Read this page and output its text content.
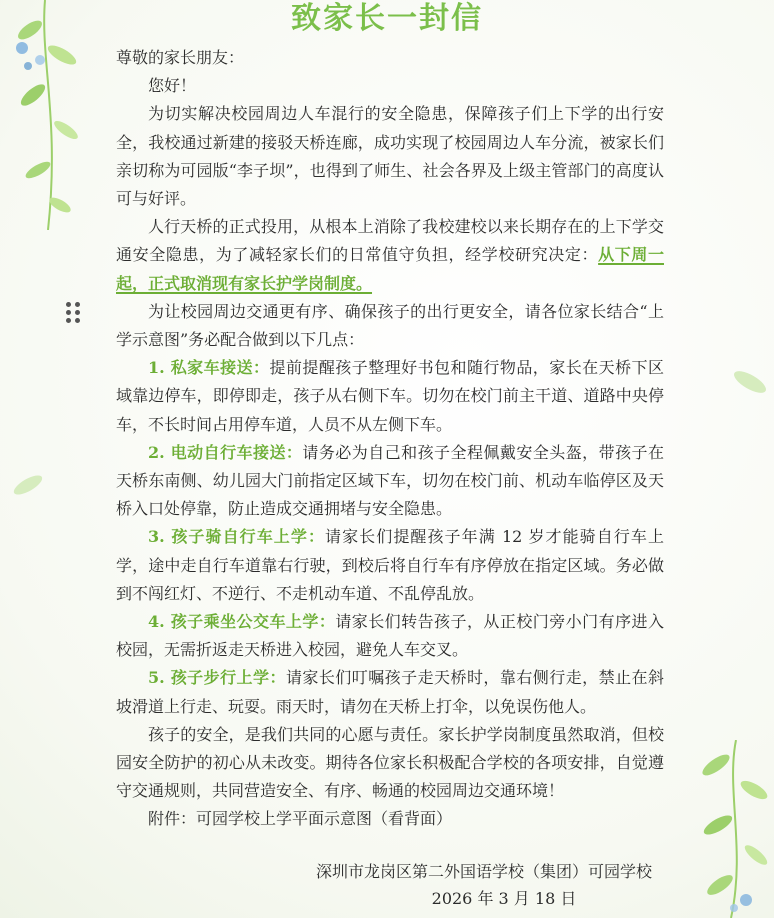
致家长一封信

尊敬的家长朋友：

您好！

为切实解决校园周边人车混行的安全隐患，保障孩子们上下学的出行安全，我校通过新建的接驳天桥连廊，成功实现了校园周边人车分流，被家长们亲切称为可园版“李子坝”，也得到了师生、社会各界及上级主管部门的高度认可与好评。

人行天桥的正式投用，从根本上消除了我校建校以来长期存在的上下学交通安全隐患，为了减轻家长们的日常值守负担，经学校研究决定：从下周一起，正式取消现有家长护学岗制度。

为让校园周边交通更有序、确保孩子的出行更安全，请各位家长结合“上学示意图”务必配合做到以下几点：

1. 私家车接送：提前提醒孩子整理好书包和随行物品，家长在天桥下区域靠边停车，即停即走，孩子从右侧下车。切勿在校门前主干道、道路中央停车，不长时间占用停车道，人员不从左侧下车。

2. 电动自行车接送：请务必为自己和孩子全程佩戴安全头盔，带孩子在天桥东南侧、幼儿园大门前指定区域下车，切勿在校门前、机动车临停区及天桥入口处停靠，防止造成交通拥堵与安全隐患。

3. 孩子骑自行车上学：请家长们提醒孩子年满 12 岁才能骑自行车上学，途中走自行车道靠右行驶，到校后将自行车有序停放在指定区域。务必做到不闯红灯、不逆行、不走机动车道、不乱停乱放。

4. 孩子乘坐公交车上学：请家长们转告孩子，从正校门旁小门有序进入校园，无需折返走天桥进入校园，避免人车交叉。

5. 孩子步行上学：请家长们叮嘱孩子走天桥时，靠右侧行走，禁止在斜坡滑道上行走、玩耍。雨天时，请勿在天桥上打伞，以免误伤他人。

孩子的安全，是我们共同的心愿与责任。家长护学岗制度虽然取消，但校园安全防护的初心从未改变。期待各位家长积极配合学校的各项安排，自觉遵守交通规则，共同营造安全、有序、畅通的校园周边交通环境！

附件：可园学校上学平面示意图（看背面）

深圳市龙岗区第二外国语学校（集团）可园学校
2026 年 3 月 18 日
